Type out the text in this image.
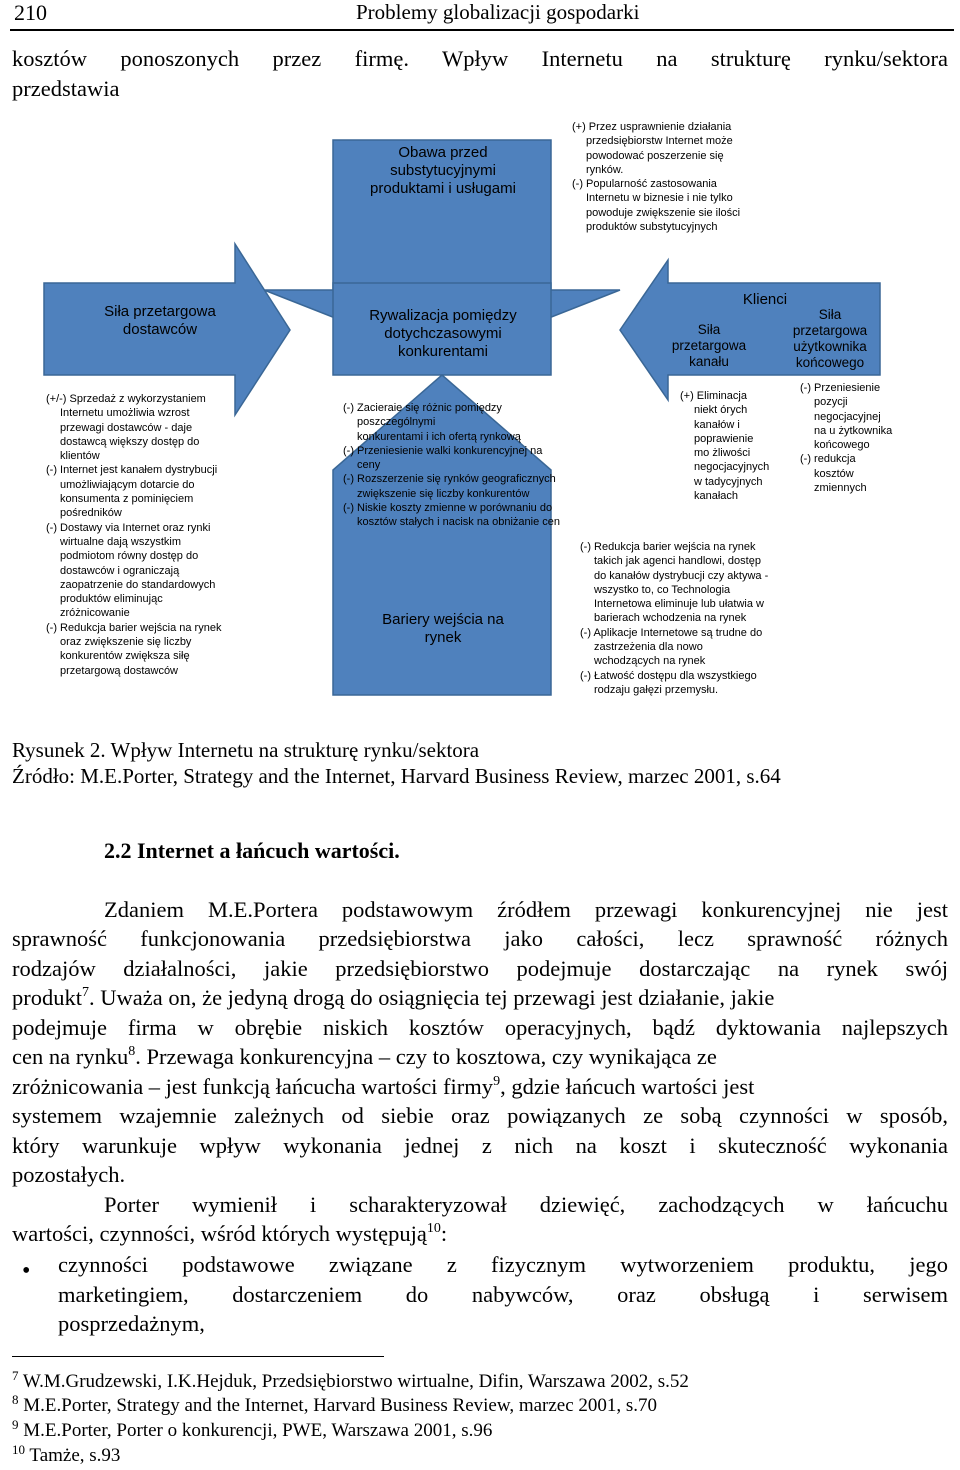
210	Problemy globalizacji gospodarki
kosztów ponoszonych przez firmę. Wpływ Internetu na strukturę rynku/sektora
przedstawia
Obawa przed
substytucyjnymi
produktami i usługami
(+) Przez usprawnienie działania
przedsiębiorstw Internet może
powodować poszerzenie się
rynków.
(-) Popularność zastosowania
Internetu w biznesie i nie tylko
powoduje zwiększenie sie ilości
produktów substytucyjnych
Siła przetargowa
dostawców
(+/-) Sprzedaż z wykorzystaniem
Internetu umożliwia wzrost
przewagi dostawców - daje
dostawcą większy dostęp do
klientów
(-) Internet jest kanałem dystrybucji
umożliwiającym dotarcie do
konsumenta z pominięciem
pośredników
(-) Dostawy via Internet oraz rynki
wirtualne dają wszystkim
podmiotom równy dostęp do
dostawców i ograniczają
zaopatrzenie do standardowych
produktów eliminując
zróżnicowanie
(-) Redukcja barier wejścia na rynek
oraz zwiększenie się liczby
konkurentów zwiększa siłę
przetargową dostawców
Rywalizacja pomiędzy
dotychczasowymi
konkurentami
(-) Zacieraie się różnic pomiędzy
poszczególnymi
konkurentami i ich ofertą rynkową
(-) Przeniesienie walki konkurencyjnej na
ceny
(-) Rozszerzenie się rynków geograficznych
zwiększenie się liczby konkurentów
(-) Niskie koszty zmienne w porównaniu do
kosztów stałych i nacisk na obniżanie cen
Klienci
Siła
przetargowa
kanału
Siła
przetargowa
użytkownika
końcowego
(+) Eliminacja
niekt órych
kanałów i
poprawienie
mo żliwości
negocjacyjnych
w tadycyjnych
kanałach
(-) Przeniesienie
pozycji
negocjacyjnej
na u żytkownika
końcowego
(-) redukcja
kosztów
zmiennych
Bariery wejścia na
rynek
(-) Redukcja barier wejścia na rynek
takich jak agenci handlowi, dostęp
do kanałów dystrybucji czy aktywa -
wszystko to, co Technologia
Internetowa eliminuje lub ułatwia w
barierach wchodzenia na rynek
(-) Aplikacje Internetowe są trudne do
zastrzeżenia dla nowo
wchodzących na rynek
(-) Łatwość dostępu dla wszystkiego
rodzaju gałęzi przemysłu.
Rysunek 2. Wpływ Internetu na strukturę rynku/sektora
Źródło: M.E.Porter, Strategy and the Internet, Harvard Business Review, marzec 2001, s.64
2.2 Internet a łańcuch wartości.
Zdaniem M.E.Portera podstawowym źródłem przewagi konkurencyjnej nie jest
sprawność funkcjonowania przedsiębiorstwa jako całości, lecz sprawność różnych
rodzajów działalności, jakie przedsiębiorstwo podejmuje dostarczając na rynek swój
produkt$^7$. Uważa on, że jedyną drogą do osiągnięcia tej przewagi jest działanie, jakie
podejmuje firma w obrębie niskich kosztów operacyjnych, bądź dyktowania najlepszych
cen na rynku$^8$. Przewaga konkurencyjna – czy to kosztowa, czy wynikająca ze
zróżnicowania – jest funkcją łańcucha wartości firmy$^9$, gdzie łańcuch wartości jest
systemem wzajemnie zależnych od siebie oraz powiązanych ze sobą czynności w sposób,
który warunkuje wpływ wykonania jednej z nich na koszt i skuteczność wykonania
pozostałych.
Porter wymienił i scharakteryzował dziewięć, zachodzących w łańcuchu
wartości, czynności, wśród których występują$^{10}$:
• czynności podstawowe związane z fizycznym wytworzeniem produktu, jego
marketingiem, dostarczeniem do nabywców, oraz obsługą i serwisem
posprzedażnym,
$^7$ W.M.Grudzewski, I.K.Hejduk, Przedsiębiorstwo wirtualne, Difin, Warszawa 2002, s.52
$^8$ M.E.Porter, Strategy and the Internet, Harvard Business Review, marzec 2001, s.70
$^9$ M.E.Porter, Porter o konkurencji, PWE, Warszawa 2001, s.96
$^{10}$ Tamże, s.93
